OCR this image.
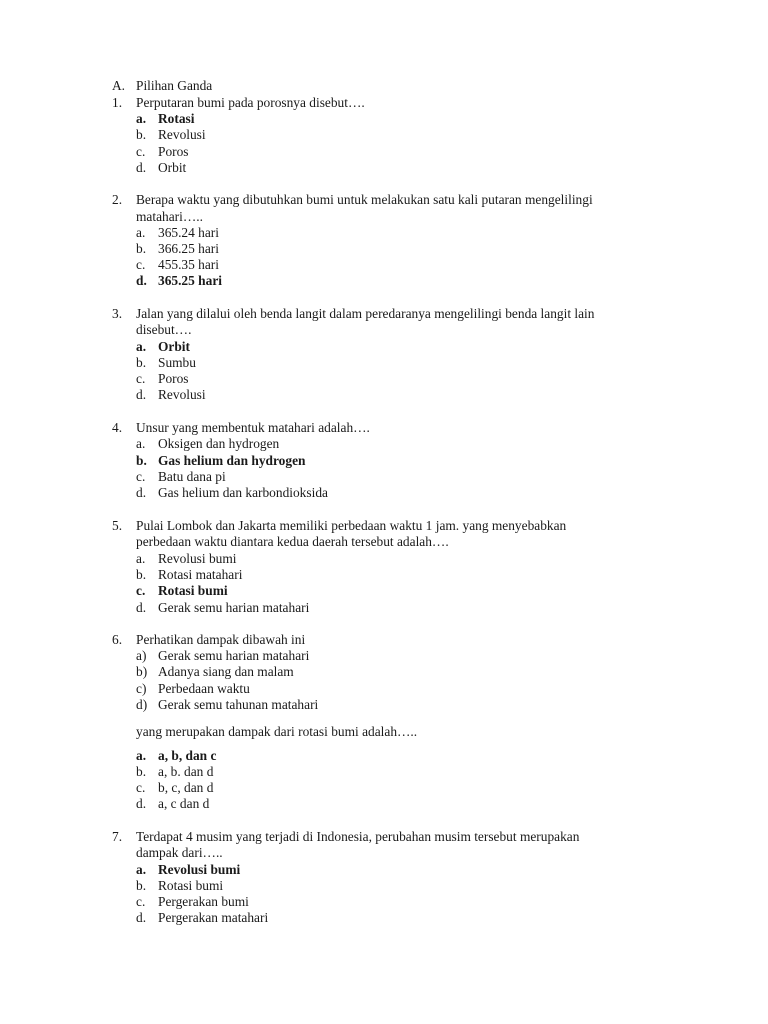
A. Pilihan Ganda
1. Perputaran bumi pada porosnya disebut….
a. Rotasi
b. Revolusi
c. Poros
d. Orbit
2. Berapa waktu yang dibutuhkan bumi untuk melakukan satu kali putaran mengelilingi
matahari…..
a. 365.24 hari
b. 366.25 hari
c. 455.35 hari
d. 365.25 hari
3. Jalan yang dilalui oleh benda langit dalam peredaranya mengelilingi benda langit lain
disebut….
a. Orbit
b. Sumbu
c. Poros
d. Revolusi
4. Unsur yang membentuk matahari adalah….
a. Oksigen dan hydrogen
b. Gas helium dan hydrogen
c. Batu dana pi
d. Gas helium dan karbondioksida
5. Pulai Lombok dan Jakarta memiliki perbedaan waktu 1 jam. yang menyebabkan
perbedaan waktu diantara kedua daerah tersebut adalah….
a. Revolusi bumi
b. Rotasi matahari
c. Rotasi bumi
d. Gerak semu harian matahari
6. Perhatikan dampak dibawah ini
a) Gerak semu harian matahari
b) Adanya siang dan malam
c) Perbedaan waktu
d) Gerak semu tahunan matahari
yang merupakan dampak dari rotasi bumi adalah…..
a. a, b, dan c
b. a, b. dan d
c. b, c, dan d
d. a, c dan d
7. Terdapat 4 musim yang terjadi di Indonesia, perubahan musim tersebut merupakan
dampak dari…..
a. Revolusi bumi
b. Rotasi bumi
c. Pergerakan bumi
d. Pergerakan matahari
